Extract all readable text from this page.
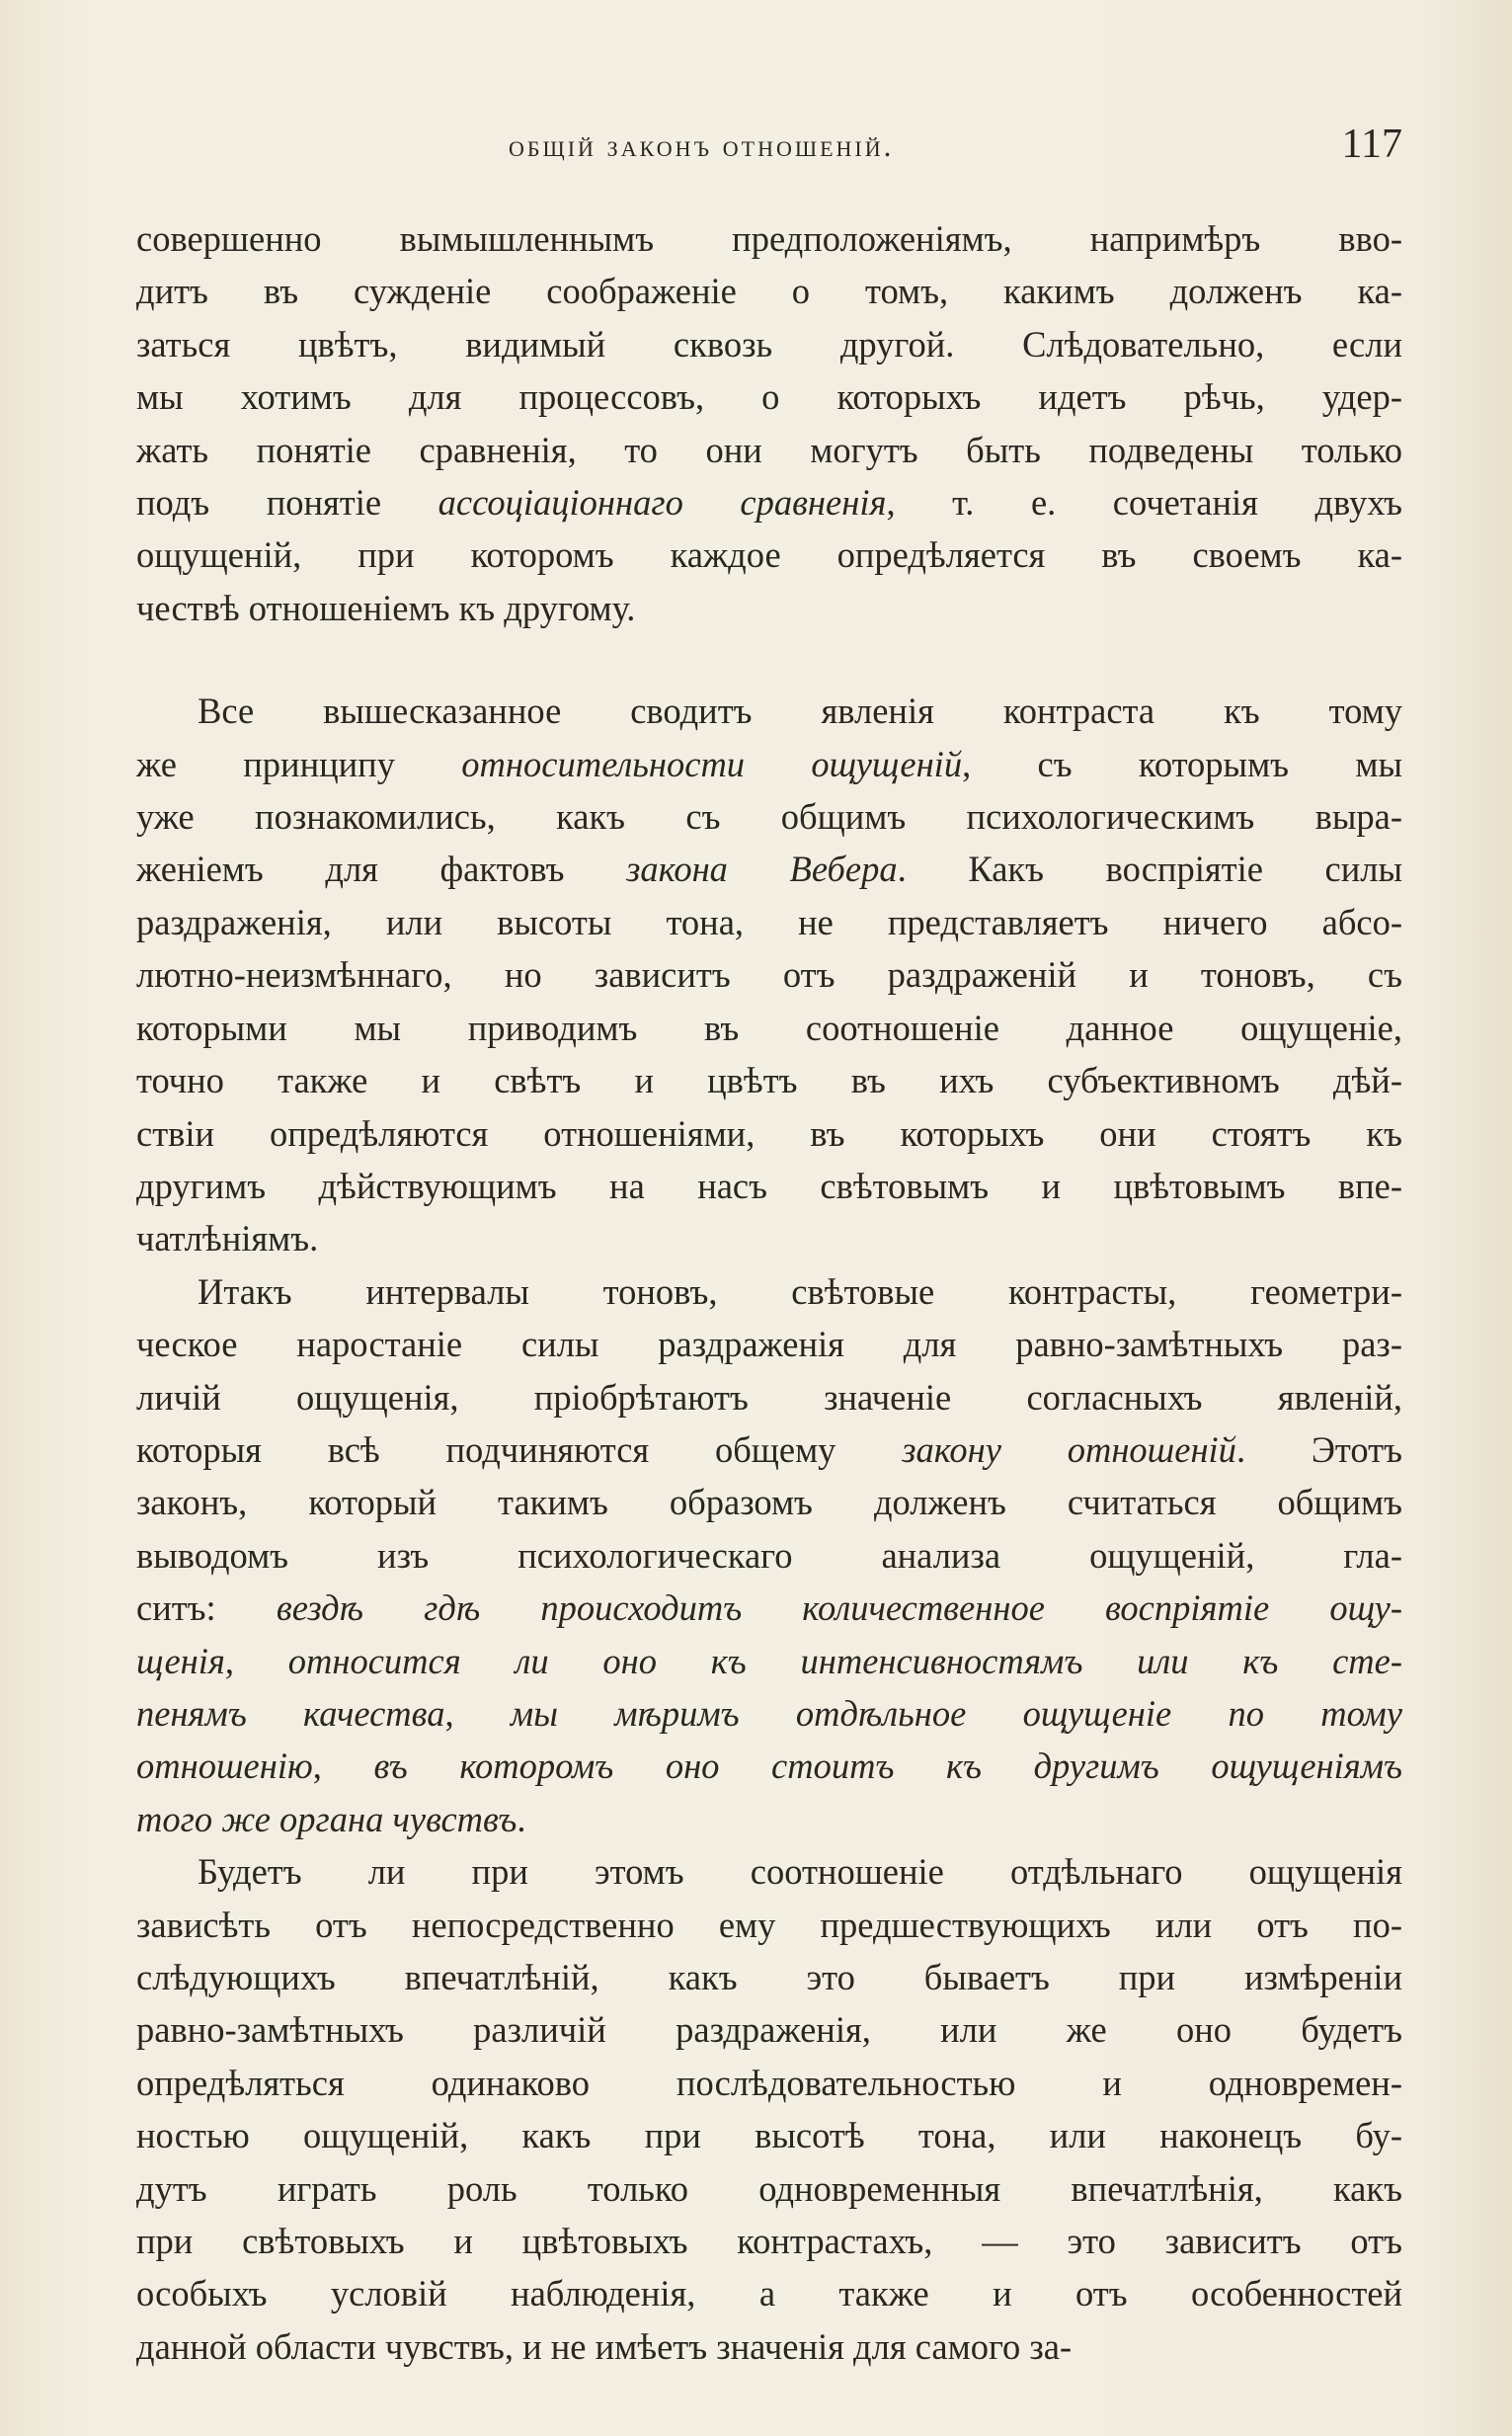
общій законъ отношеній.	117

совершенно вымышленнымъ предположеніямъ, напримѣръ вво-
дитъ въ сужденіе соображеніе о томъ, какимъ долженъ ка-
заться цвѣтъ, видимый сквозь другой. Слѣдовательно, если
мы хотимъ для процессовъ, о которыхъ идетъ рѣчь, удер-
жать понятіе сравненія, то они могутъ быть подведены только
подъ понятіе ассоціаціоннаго сравненія, т. е. сочетанія двухъ
ощущеній, при которомъ каждое опредѣляется въ своемъ ка-
чествѣ отношеніемъ къ другому.

Все вышесказанное сводитъ явленія контраста къ тому
же принципу относительности ощущеній, съ которымъ мы
уже познакомились, какъ съ общимъ психологическимъ выра-
женіемъ для фактовъ закона Вебера. Какъ воспріятіе силы
раздраженія, или высоты тона, не представляетъ ничего абсо-
лютно-неизмѣннаго, но зависитъ отъ раздраженій и тоновъ, съ
которыми мы приводимъ въ соотношеніе данное ощущеніе,
точно также и свѣтъ и цвѣтъ въ ихъ субъективномъ дѣй-
ствіи опредѣляются отношеніями, въ которыхъ они стоятъ къ
другимъ дѣйствующимъ на насъ свѣтовымъ и цвѣтовымъ впе-
чатлѣніямъ.

Итакъ интервалы тоновъ, свѣтовые контрасты, геометри-
ческое наростаніе силы раздраженія для равно-замѣтныхъ раз-
личій ощущенія, пріобрѣтаютъ значеніе согласныхъ явленій,
которыя всѣ подчиняются общему закону отношеній. Этотъ
законъ, который такимъ образомъ долженъ считаться общимъ
выводомъ изъ психологическаго анализа ощущеній, гла-
ситъ: вездѣ гдѣ происходитъ количественное воспріятіе ощу-
щенія, относится ли оно къ интенсивностямъ или къ сте-
пенямъ качества, мы мѣримъ отдѣльное ощущеніе по тому
отношенію, въ которомъ оно стоитъ къ другимъ ощущеніямъ
того же органа чувствъ.

Будетъ ли при этомъ соотношеніе отдѣльнаго ощущенія
зависѣть отъ непосредственно ему предшествующихъ или отъ по-
слѣдующихъ впечатлѣній, какъ это бываетъ при измѣреніи
равно-замѣтныхъ различій раздраженія, или же оно будетъ
опредѣляться одинаково послѣдовательностью и одновремен-
ностью ощущеній, какъ при высотѣ тона, или наконецъ бу-
дутъ играть роль только одновременныя впечатлѣнія, какъ
при свѣтовыхъ и цвѣтовыхъ контрастахъ, — это зависитъ отъ
особыхъ условій наблюденія, а также и отъ особенностей
данной области чувствъ, и не имѣетъ значенія для самого за-
